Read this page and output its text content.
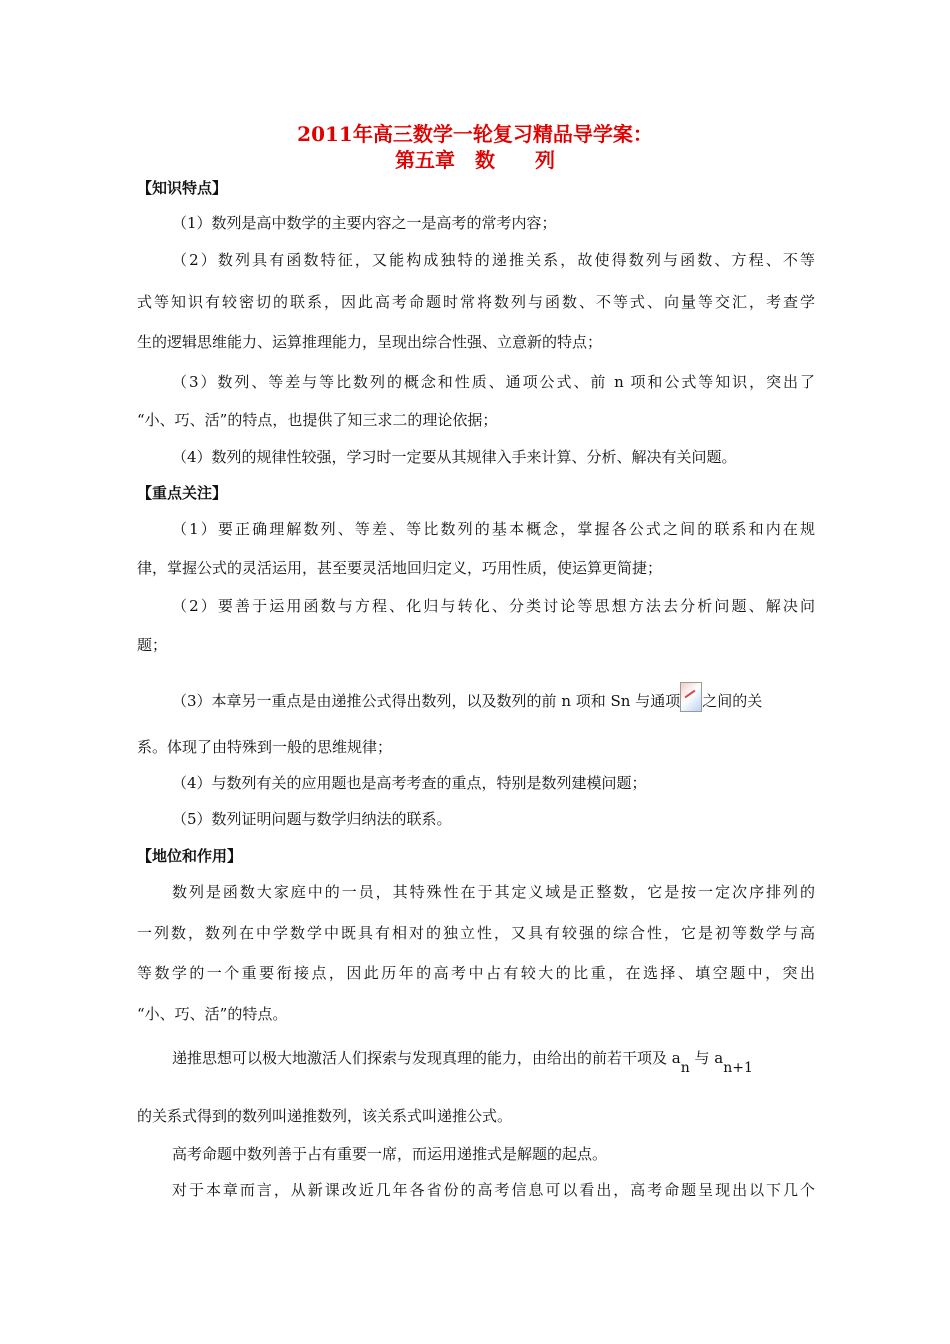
2011年高三数学一轮复习精品导学案：
第五章　数　　列
【知识特点】
（1）数列是高中数学的主要内容之一是高考的常考内容；
（2）数列具有函数特征，又能构成独特的递推关系，故使得数列与函数、方程、不等
式等知识有较密切的联系，因此高考命题时常将数列与函数、不等式、向量等交汇，考查学
生的逻辑思维能力、运算推理能力，呈现出综合性强、立意新的特点；
（3）数列、等差与等比数列的概念和性质、通项公式、前 n 项和公式等知识，突出了
“小、巧、活”的特点，也提供了知三求二的理论依据；
（4）数列的规律性较强，学习时一定要从其规律入手来计算、分析、解决有关问题。
【重点关注】
（1）要正确理解数列、等差、等比数列的基本概念，掌握各公式之间的联系和内在规
律，掌握公式的灵活运用，甚至要灵活地回归定义，巧用性质，使运算更简捷；
（2）要善于运用函数与方程、化归与转化、分类讨论等思想方法去分析问题、解决问
题；
（3）本章另一重点是由递推公式得出数列，以及数列的前 n 项和 Sn 与通项 之间的关
系。体现了由特殊到一般的思维规律；
（4）与数列有关的应用题也是高考考查的重点，特别是数列建模问题；
（5）数列证明问题与数学归纳法的联系。
【地位和作用】
数列是函数大家庭中的一员，其特殊性在于其定义域是正整数，它是按一定次序排列的
一列数，数列在中学数学中既具有相对的独立性，又具有较强的综合性，它是初等数学与高
等数学的一个重要衔接点，因此历年的高考中占有较大的比重，在选择、填空题中，突出
“小、巧、活”的特点。
递推思想可以极大地激活人们探索与发现真理的能力，由给出的前若干项及 an 与 an+1
的关系式得到的数列叫递推数列，该关系式叫递推公式。
高考命题中数列善于占有重要一席，而运用递推式是解题的起点。
对于本章而言，从新课改近几年各省份的高考信息可以看出，高考命题呈现出以下几个
